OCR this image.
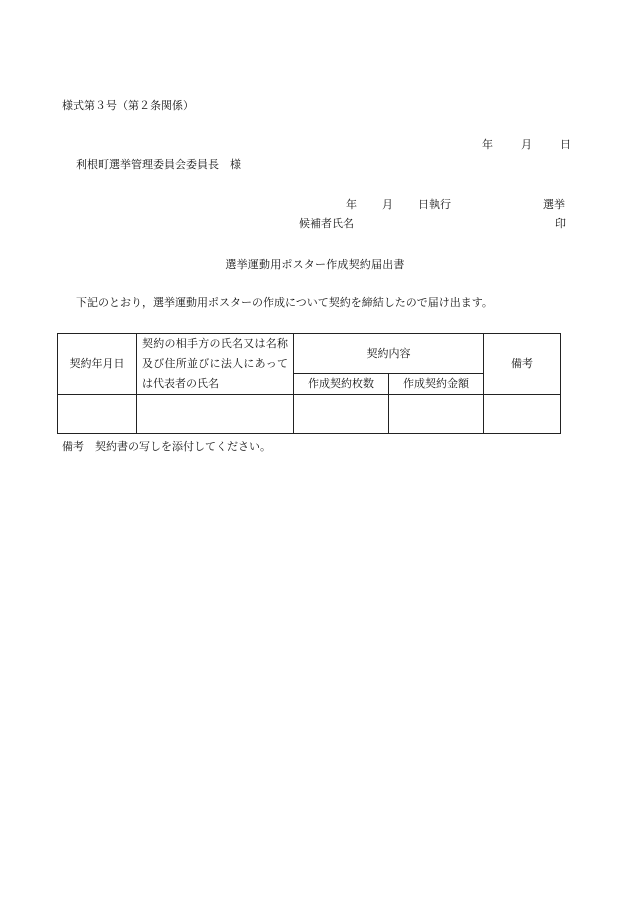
様式第３号（第２条関係）
年	月	日
利根町選挙管理委員会委員長　様
年 月 日執行	選挙
候補者氏名	印
選挙運動用ポスター作成契約届出書
下記のとおり，選挙運動用ポスターの作成について契約を締結したので届け出ます。
契約年月日	契約の相手方の氏名又は名称及び住所並びに法人にあっては代表者の氏名	契約内容		備考
		作成契約枚数	作成契約金額	

備考　契約書の写しを添付してください。
